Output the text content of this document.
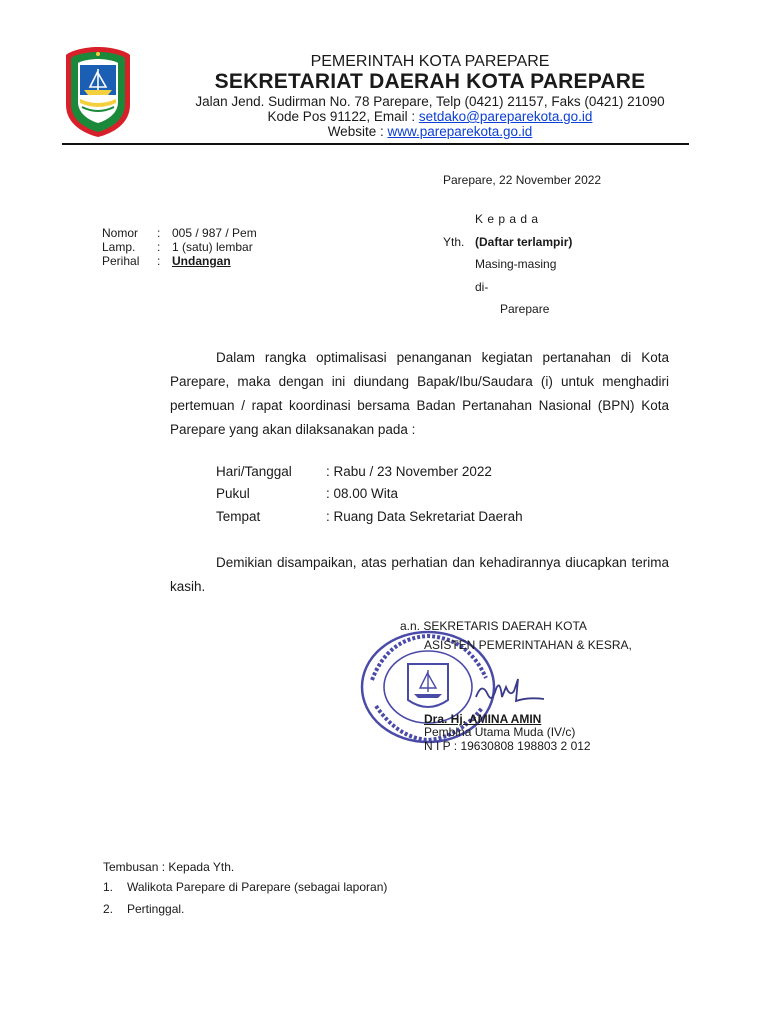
PEMERINTAH KOTA PAREPARE
SEKRETARIAT DAERAH KOTA PAREPARE
Jalan Jend. Sudirman No. 78 Parepare, Telp (0421) 21157, Faks (0421) 21090
Kode Pos 91122, Email : setdako@pareparekota.go.id
Website : www.pareparekota.go.id
Parepare, 22 November 2022
K e p a d a
Yth. (Daftar terlampir)
Masing-masing
di-
Parepare
Nomor : 005 / 987 / Pem
Lamp. : 1 (satu) lembar
Perihal : Undangan
Dalam rangka optimalisasi penanganan kegiatan pertanahan di Kota Parepare, maka dengan ini diundang Bapak/Ibu/Saudara (i) untuk menghadiri pertemuan / rapat koordinasi bersama Badan Pertanahan Nasional (BPN) Kota Parepare yang akan dilaksanakan pada :
Hari/Tanggal	: Rabu / 23 November 2022
Pukul	: 08.00 Wita
Tempat	: Ruang Data Sekretariat Daerah
Demikian disampaikan, atas perhatian dan kehadirannya diucapkan terima kasih.
a.n. SEKRETARIS DAERAH KOTA
ASISTEN PEMERINTAHAN & KESRA,
Dra. Hj. AMINA AMIN
Pembina Utama Muda (IV/c)
N I P : 19630808 198803 2 012
Tembusan : Kepada Yth.
1. Walikota Parepare di Parepare (sebagai laporan)
2. Pertinggal.
